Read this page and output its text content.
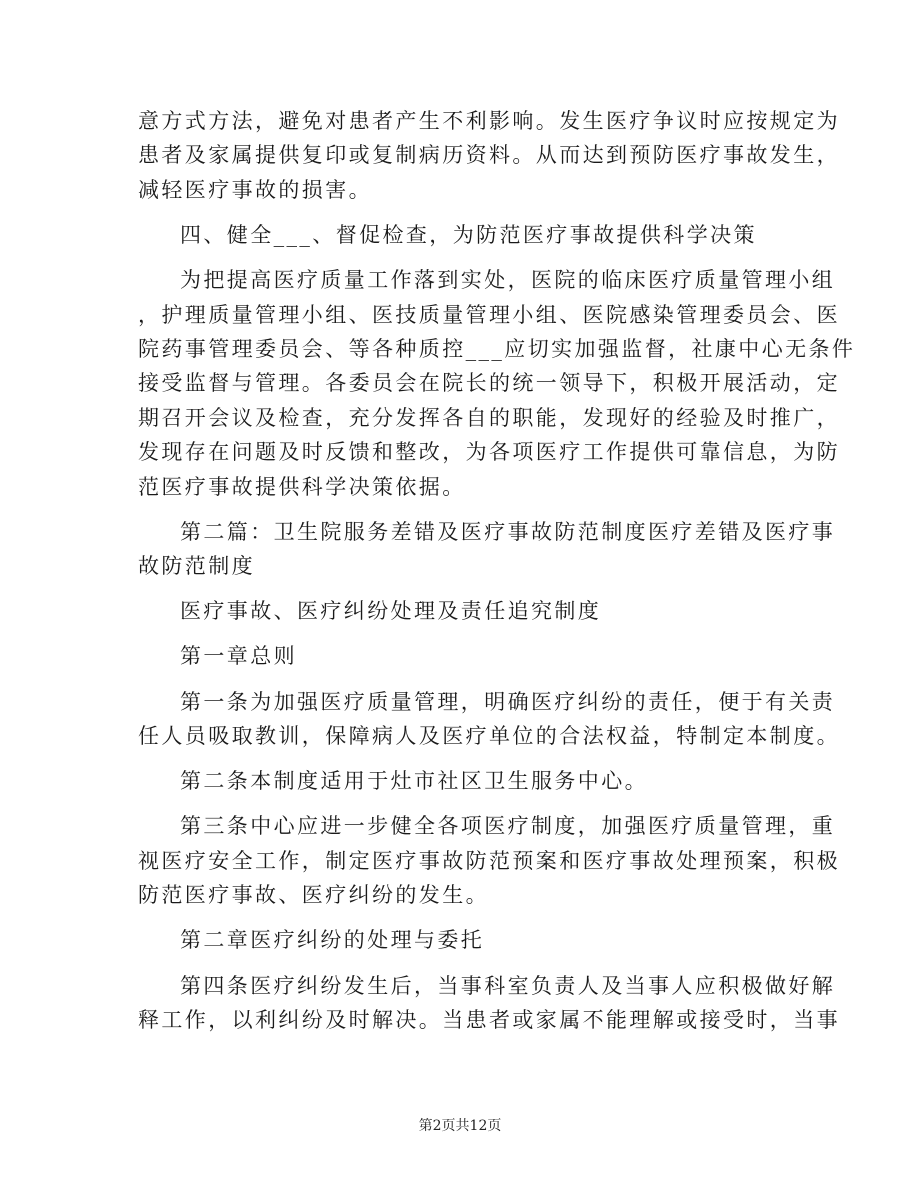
意方式方法，避免对患者产生不利影响。发生医疗争议时应按规定为
患者及家属提供复印或复制病历资料。从而达到预防医疗事故发生，
减轻医疗事故的损害。
四、健全___、督促检查，为防范医疗事故提供科学决策
为把提高医疗质量工作落到实处，医院的临床医疗质量管理小组
，护理质量管理小组、医技质量管理小组、医院感染管理委员会、医
院药事管理委员会、等各种质控___应切实加强监督，社康中心无条件
接受监督与管理。各委员会在院长的统一领导下，积极开展活动，定
期召开会议及检查，充分发挥各自的职能，发现好的经验及时推广，
发现存在问题及时反馈和整改，为各项医疗工作提供可靠信息，为防
范医疗事故提供科学决策依据。
第二篇：卫生院服务差错及医疗事故防范制度医疗差错及医疗事
故防范制度
医疗事故、医疗纠纷处理及责任追究制度
第一章总则
第一条为加强医疗质量管理，明确医疗纠纷的责任，便于有关责
任人员吸取教训，保障病人及医疗单位的合法权益，特制定本制度。
第二条本制度适用于灶市社区卫生服务中心。
第三条中心应进一步健全各项医疗制度，加强医疗质量管理，重
视医疗安全工作，制定医疗事故防范预案和医疗事故处理预案，积极
防范医疗事故、医疗纠纷的发生。
第二章医疗纠纷的处理与委托
第四条医疗纠纷发生后，当事科室负责人及当事人应积极做好解
释工作，以利纠纷及时解决。当患者或家属不能理解或接受时，当事
第2页共12页
